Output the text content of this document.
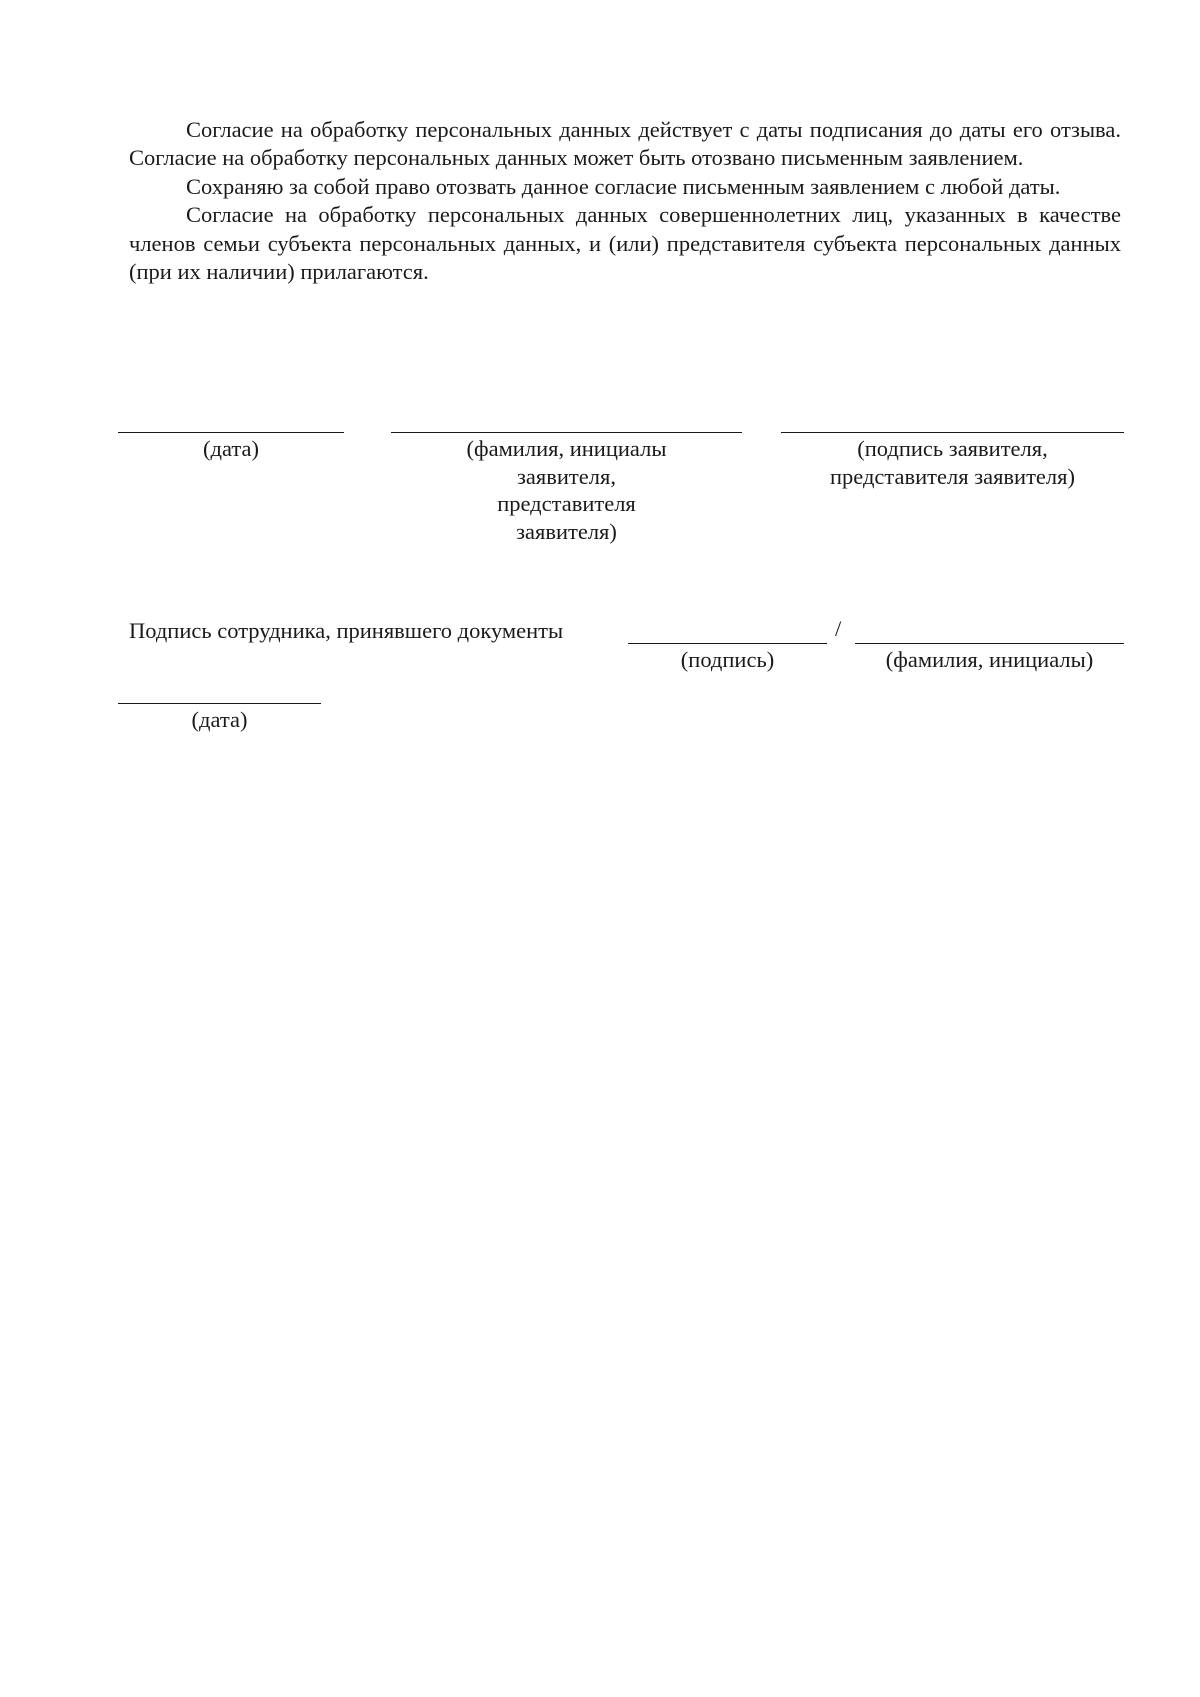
Согласие на обработку персональных данных действует с даты подписания до даты его отзыва. Согласие на обработку персональных данных может быть отозвано письменным заявлением.

Сохраняю за собой право отозвать данное согласие письменным заявлением с любой даты.

Согласие на обработку персональных данных совершеннолетних лиц, указанных в качестве членов семьи субъекта персональных данных, и (или) представителя субъекта персональных данных (при их наличии) прилагаются.

(дата)	(фамилия, инициалы заявителя, представителя заявителя)
(подпись заявителя, представителя заявителя)
Подпись сотрудника, принявшего документы
(подпись)
/
(фамилия, инициалы)
(дата)
